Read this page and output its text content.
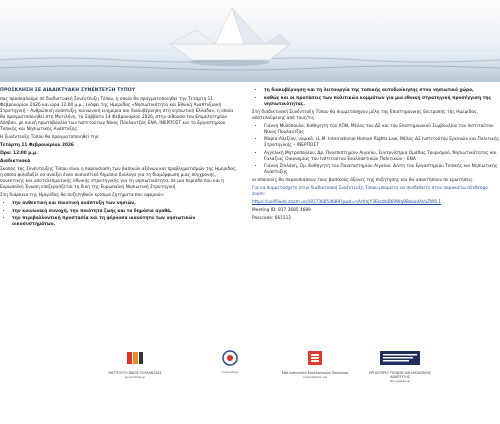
ΠΡΟΣΚΛΗΣΗ ΣΕ ΔΙΑΔΙΚΤΥΑΚΗ ΣΥΝΕΝΤΕΥΞΗ ΤΥΠΟΥ

σας προσκαλούμε σε διαδικτυακή Συνέντευξη Τύπου, η οποία θα πραγματοποιηθεί την Τετάρτη 11 Φεβρουαρίου 2026 και ώρα 12:00 μ.μ., ενόψει της Ημερίδας «Νησιωτικότητα και Εθνική Αναπτυξιακή Στρατηγική – Ανθρώπινη ανάπτυξη, κοινωνική ευημερία και διακυβέρνηση στη νησιωτική Ελλάδα», η οποία θα πραγματοποιηθεί στη Μυτιλήνη, το Σάββατο 14 Φεβρουαρίου 2026, στην αίθουσα του Επιμελητηρίου Λέσβου, με κοινή πρωτοβουλία των Ινστιτούτων Νίκος Πουλαντζάς ENA, INEPΠOΣT και το Εργαστηρίου Τοπικής και Νησιωτικής Ανάπτυξης.

Η Συνέντευξη Τύπου θα πραγματοποιηθεί την:

Τετάρτη 11 Φεβρουαρίου 2026

Ώρα: 12:00 μ.μ.

Διαδικτυακά

Σκοπός της Συνέντευξης Τύπου είναι η παρουσίαση των βασικών αξόνων και προβληματισμών της Ημερίδας, η οποία φιλοδοξεί να ανοίξει έναν ουσιαστικό δημόσιο διάλογο για τη διαμόρφωση μιας σύγχρονης, συνεκτικής και αποτελεσματικής εθνικής στρατηγικής για τη νησιωτικότητα, σε μια περίοδο που και η Ευρωπαϊκή Ένωση επεξεργάζεται τη δική της Ευρωπαϊκή Νησιωτική Στρατηγική.

Στη διάρκεια της Ημερίδας θα συζητηθούν κρίσιμα ζητήματα που αφορούν:

• την ανθεκτική και ποιοτική ανάπτυξη των νησιών,
• την κοινωνική συνοχή, την ποιότητα ζωής και τα δημόσια αγαθά,
• την περιβαλλοντική προστασία και τη φέρουσα ικανότητα των νησιωτικών οικοσυστημάτων,
• τη διακυβέρνηση και τη λειτουργία της τοπικής αυτοδιοίκησης στον νησιωτικό χώρο,
• καθώς και οι προτάσεις των πολιτικών κομμάτων για μια εθνική στρατηγική προσέγγιση της νησιωτικότητας.

Στη διαδικτυακή Συνέντευξη Τύπου θα συμμετάσχουν μέλη της Επιστημονικής Επιτροπής της Ημερίδας, αποτελούμενης από τους/τις:

• Γιάννη Μυλόπουλο, Καθηγητή του ΑΠΘ, Μέλος του ΔΣ και του Επιστημονικού Συμβουλίου του Ινστιτούτου Νίκος Πουλαντζάς
• Μαρία Αλεξίου, νομικό, LL.M. International Human Rights Law, Μέλος ΔΣ Ινστιτούτου Ερευνών και Πολιτικής Στρατηγικής – INEPΠOΣT
• Αγγελική Μητροπούλου, Δρ. Πανεπιστημίου Αιγαίου, Συντονίστρια Ομάδας Τουρισμού, Νησιωτικότητας και Γαλάζιας Οικονομίας του Ινστιτούτου Εναλλακτικών Πολιτικών – ENA
• Γιάννη Σπιλάνη, Ομ. Καθηγητή του Πανεπιστημίου Αιγαίου, Δ/ντη του Εργαστηρίου Τοπικής και Νησιωτικής Ανάπτυξης

οι οποίοι/ες θα παρουσιάσουν τους βασικούς άξονες της συζήτησης και θα απαντήσουν σε ερωτήσεις.

Για να συμμετάσχετε στην διαδικτυακή Συνέντευξη Τύπου μπορείτε να συνδεθείτε στον παρακάτω σύνδεσμο zoom:

https://us06web.zoom.us/j/81736854689?pwd=nArfmjY3EkdzbB69Wq9BekodAVaZW8.1

Meeting ID: 817 3685 4689

Passcode: 661512

ΙΝΣΤΙΤΟΥΤΟ ΝΙΚΟΣ ΠΟΥΛΑΝΤΖΑΣ
poulantzas.gr
ineposst.gr	ΕΝΑ Ινστιτούτο Εναλλακτικών Πολιτικών
enainstitute.org
ΕΡΓΑΣΤΗΡΙΟ ΤΟΠΙΚΗΣ ΚΑΙ ΝΗΣΙΩΤΙΚΗΣ ΑΝΑΠΤΥΞΗΣ
ldd.aegean.gr
